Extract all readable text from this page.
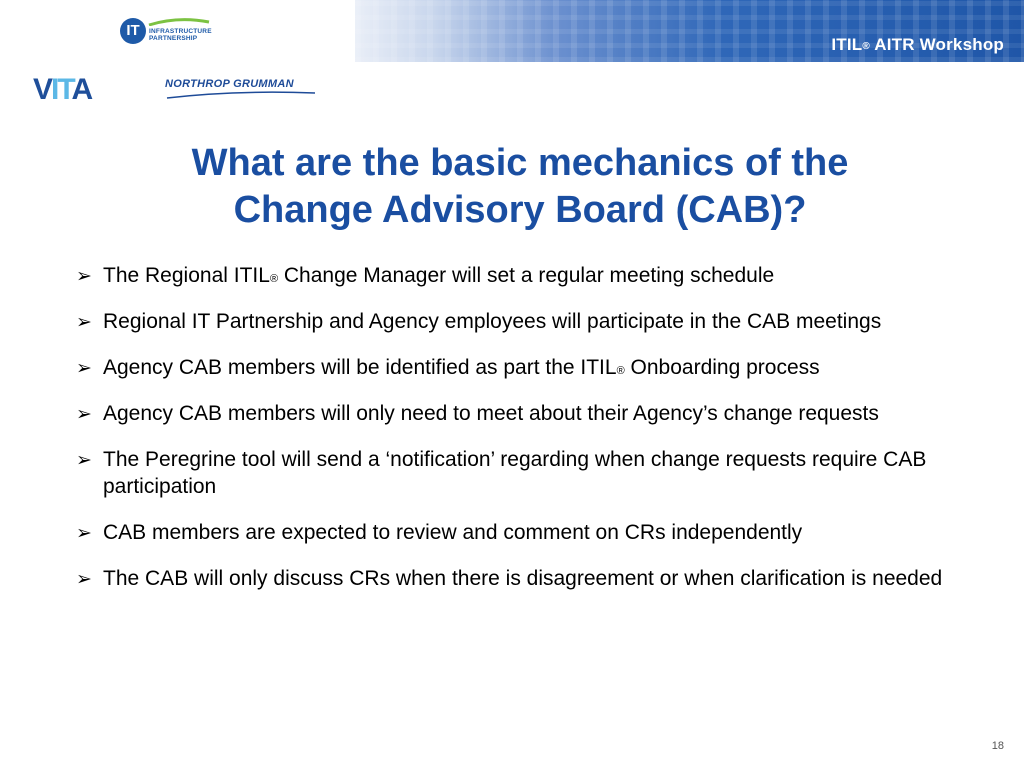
ITIL® AITR Workshop
IT	INFRASTRUCTURE
PARTNERSHIP
VITA	NORTHROP GRUMMAN
What are the basic mechanics of the
Change Advisory Board (CAB)?
➢ The Regional ITIL® Change Manager will set a regular meeting schedule
➢ Regional IT Partnership and Agency employees will participate in the CAB meetings
➢ Agency CAB members will be identified as part the ITIL® Onboarding process
➢ Agency CAB members will only need to meet about their Agency’s change requests
➢ The Peregrine tool will send a ‘notification’ regarding when change requests require CAB participation
➢ CAB members are expected to review and comment on CRs independently
➢ The CAB will only discuss CRs when there is disagreement or when clarification is needed
18
